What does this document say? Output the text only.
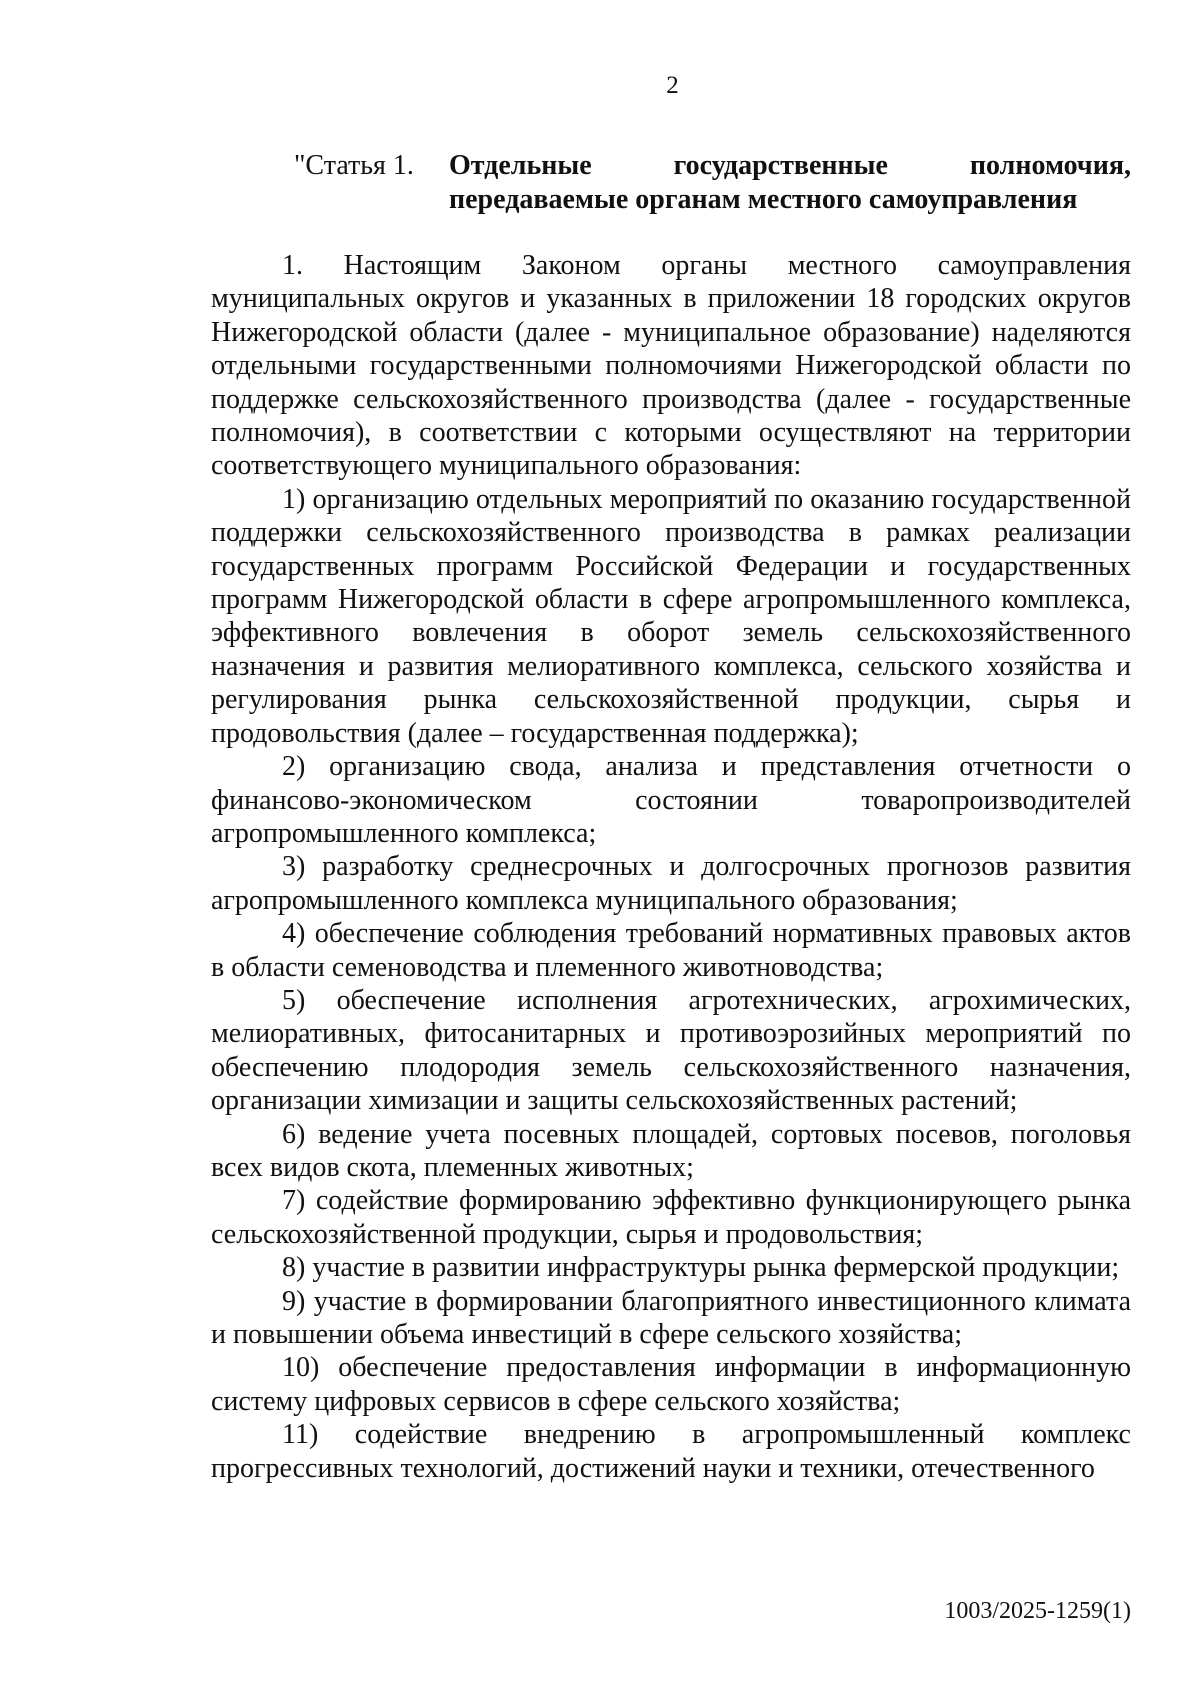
2
"Статья 1. Отдельные государственные полномочия,
передаваемые органам местного самоуправления

1. Настоящим Законом органы местного самоуправления муниципальных округов и указанных в приложении 18 городских округов Нижегородской области (далее - муниципальное образование) наделяются отдельными государственными полномочиями Нижегородской области по поддержке сельскохозяйственного производства (далее - государственные полномочия), в соответствии с которыми осуществляют на территории соответствующего муниципального образования:

1) организацию отдельных мероприятий по оказанию государственной поддержки сельскохозяйственного производства в рамках реализации государственных программ Российской Федерации и государственных программ Нижегородской области в сфере агропромышленного комплекса, эффективного вовлечения в оборот земель сельскохозяйственного назначения и развития мелиоративного комплекса, сельского хозяйства и регулирования рынка сельскохозяйственной продукции, сырья и продовольствия (далее – государственная поддержка);

2) организацию свода, анализа и представления отчетности о финансово-экономическом состоянии товаропроизводителей агропромышленного комплекса;

3) разработку среднесрочных и долгосрочных прогнозов развития агропромышленного комплекса муниципального образования;

4) обеспечение соблюдения требований нормативных правовых актов в области семеноводства и племенного животноводства;

5) обеспечение исполнения агротехнических, агрохимических, мелиоративных, фитосанитарных и противоэрозийных мероприятий по обеспечению плодородия земель сельскохозяйственного назначения, организации химизации и защиты сельскохозяйственных растений;

6) ведение учета посевных площадей, сортовых посевов, поголовья всех видов скота, племенных животных;

7) содействие формированию эффективно функционирующего рынка сельскохозяйственной продукции, сырья и продовольствия;

8) участие в развитии инфраструктуры рынка фермерской продукции;

9) участие в формировании благоприятного инвестиционного климата и повышении объема инвестиций в сфере сельского хозяйства;

10) обеспечение предоставления информации в информационную систему цифровых сервисов в сфере сельского хозяйства;

11) содействие внедрению в агропромышленный комплекс прогрессивных технологий, достижений науки и техники, отечественного

1003/2025-1259(1)
